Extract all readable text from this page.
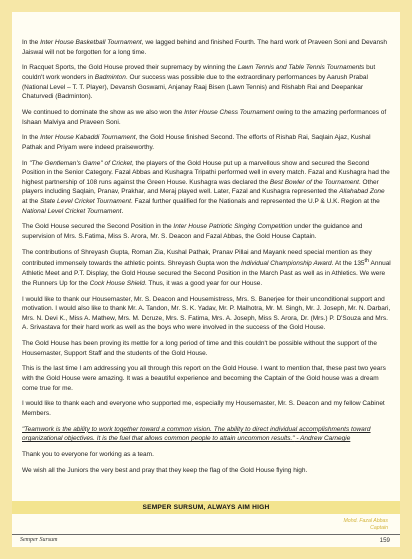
In the Inter House Basketball Tournament, we lagged behind and finished Fourth. The hard work of Praveen Soni and Devansh Jaiswal will not be forgotten for a long time.

In Racquet Sports, the Gold House proved their supremacy by winning the Lawn Tennis and Table Tennis Tournaments but couldn't work wonders in Badminton. Our success was possible due to the extraordinary performances by Aarush Prabal (National Level – T. T. Player), Devansh Goswami, Anjanay Raaj Bisen (Lawn Tennis) and Rishabh Rai and Deepankar Chaturvedi (Badminton).

We continued to dominate the show as we also won the Inter House Chess Tournament owing to the amazing performances of Ishaan Malviya and Praveen Soni.

In the Inter House Kabaddi Tournament, the Gold House finished Second. The efforts of Rishab Rai, Saqlain Ajaz, Kushal Pathak and Priyam were indeed praiseworthy.

In "The Gentleman's Game" of Cricket, the players of the Gold House put up a marvellous show and secured the Second Position in the Senior Category. Fazal Abbas and Kushagra Tripathi performed well in every match. Fazal and Kushagra had the highest partnership of 108 runs against the Green House. Kushagra was declared the Best Bowler of the Tournament. Other players including Saqlain, Pranav, Prakhar, and Meraj played well. Later, Fazal and Kushagra represented the Allahabad Zone at the State Level Cricket Tournament. Fazal further qualified for the Nationals and represented the U.P & U.K. Region at the National Level Cricket Tournament.

The Gold House secured the Second Position in the Inter House Patriotic Singing Competition under the guidance and supervision of Mrs. S.Fatima, Miss S. Arora, Mr. S. Deacon and Fazal Abbas, the Gold House Captain.

The contributions of Shreyash Gupta, Roman Zia, Kushal Pathak, Pranav Pillai and Mayank need special mention as they contributed immensely towards the athletic points. Shreyash Gupta won the Individual Championship Award. At the 135th Annual Athletic Meet and P.T. Display, the Gold House secured the Second Position in the March Past as well as in Athletics. We were the Runners Up for the Cock House Shield. Thus, it was a good year for our House.

I would like to thank our Housemaster, Mr. S. Deacon and Housemistress, Mrs. S. Banerjee for their unconditional support and motivation. I would also like to thank Mr. A. Tandon, Mr. S. K. Yadav, Mr. P. Malhotra, Mr. M. Singh, Mr. J. Joseph, Mr. N. Darbari, Mrs. N. Devi K., Miss A. Mathew, Mrs. M. Dcruze, Mrs. S. Fatima, Mrs. A. Joseph, Miss S. Arora, Dr. (Mrs.) P. D'Souza and Mrs. A. Srivastava for their hard work as well as the boys who were involved in the success of the Gold House.

The Gold House has been proving its mettle for a long period of time and this couldn't be possible without the support of the Housemaster, Support Staff and the students of the Gold House.

This is the last time I am addressing you all through this report on the Gold House. I want to mention that, these past two years with the Gold House were amazing. It was a beautiful experience and becoming the Captain of the Gold house was a dream come true for me.

I would like to thank each and everyone who supported me, especially my Housemaster, Mr. S. Deacon and my fellow Cabinet Members.

"Teamwork is the ability to work together toward a common vision. The ability to direct individual accomplishments toward organizational objectives. It is the fuel that allows common people to attain uncommon results." - Andrew Carnegie

Thank you to everyone for working as a team.

We wish all the Juniors the very best and pray that they keep the flag of the Gold House flying high.

SEMPER SURSUM, ALWAYS AIM HIGH
Mohd. Fazal Abbas
Captain
Semper Sursum	159
